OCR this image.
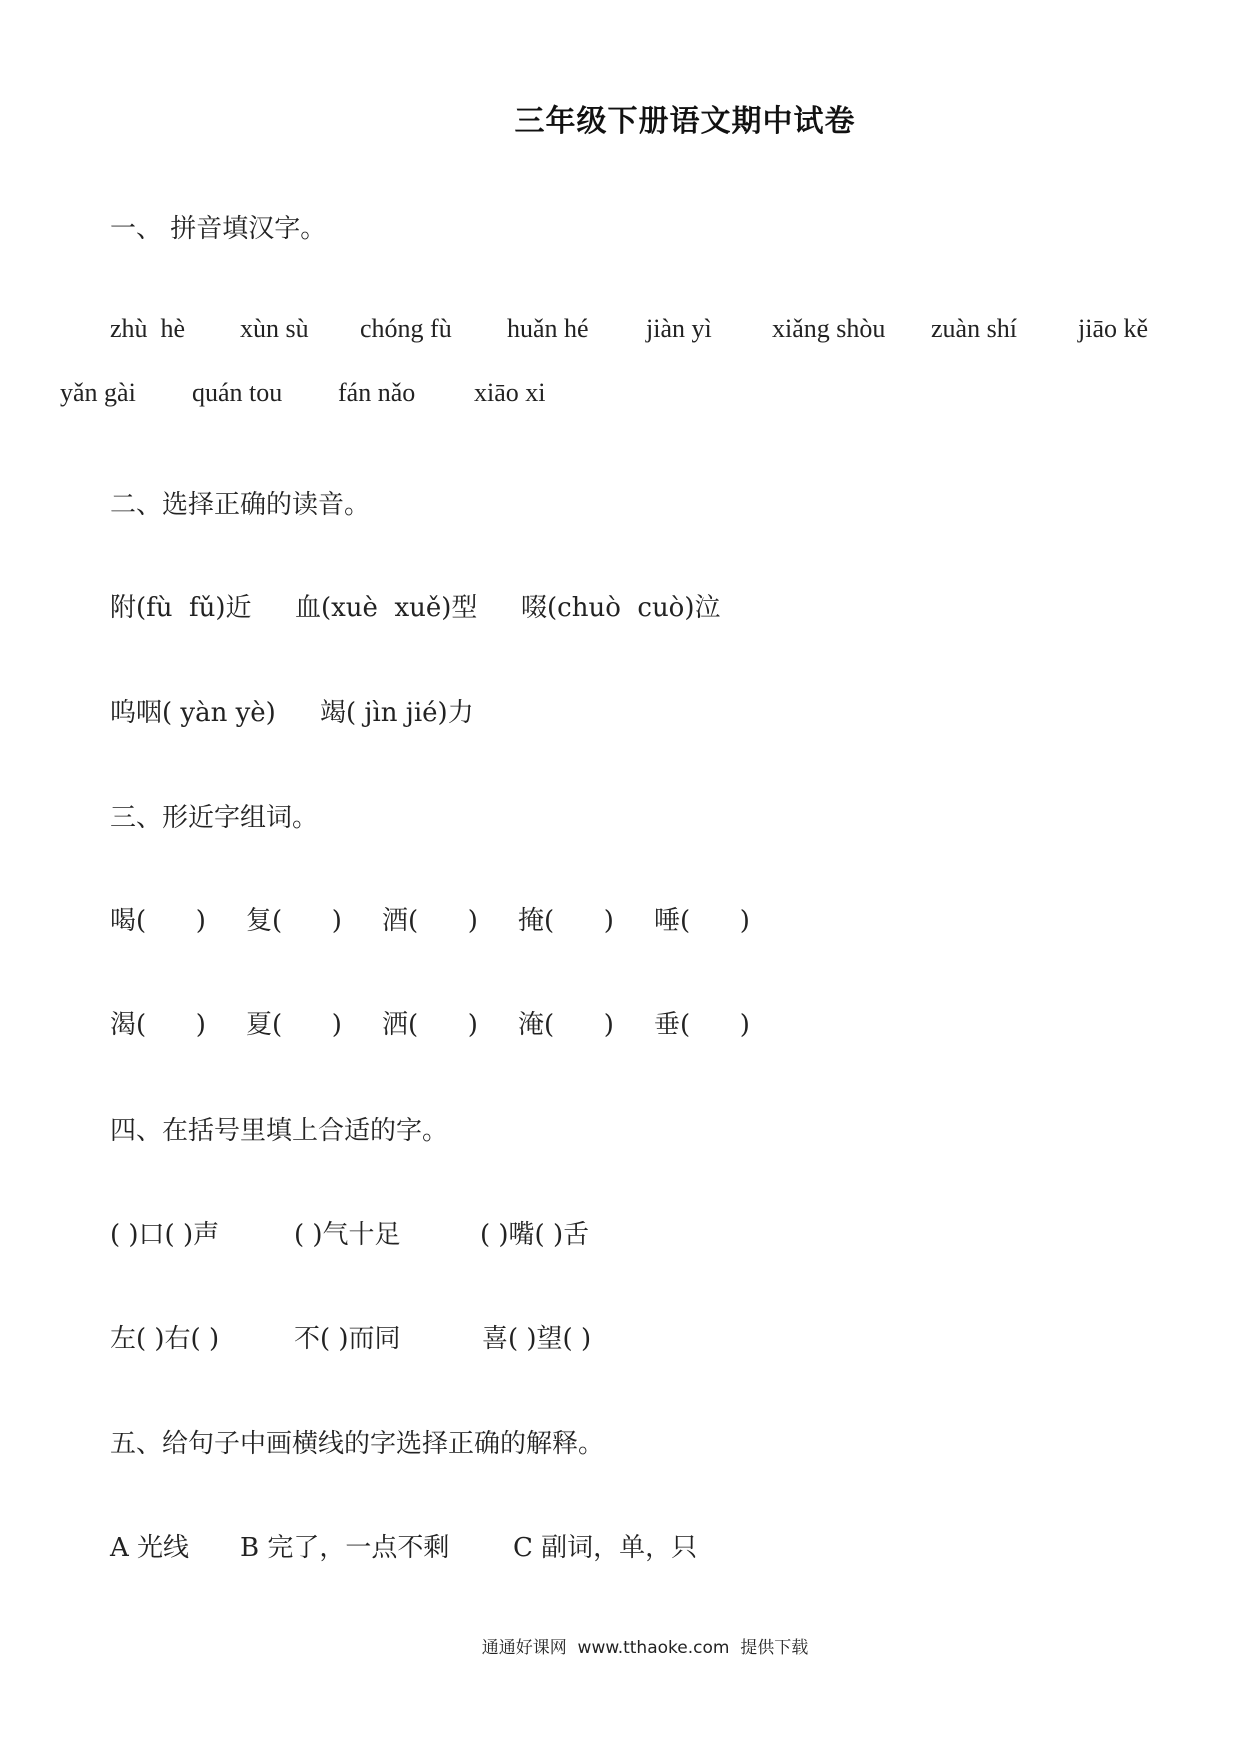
三年级下册语文期中试卷
一、 拼音填汉字。
zhù  hè xùn sù chóng fù huǎn hé jiàn yì xiǎng shòu zuàn shí jiāo kě
yǎn gài quán tou fán nǎo xiāo xi
二、选择正确的读音。
附(fù  fǔ)近 血(xuè  xuě)型 啜(chuò  cuò)泣
呜咽( yàn yè) 竭( jìn jié)力
三、形近字组词。
喝(      ) 复(      ) 酒(      ) 掩(      ) 唾(      )
渴(      ) 夏(      ) 洒(      ) 淹(      ) 垂(      )
四、在括号里填上合适的字。
( )口( )声	( )气十足	( )嘴( )舌
左( )右( )	不( )而同	喜( )望( )
五、给句子中画横线的字选择正确的解释。
A 光线 B 完了，一点不剩 C 副词，单，只
通通好课网  www.tthaoke.com  提供下载
